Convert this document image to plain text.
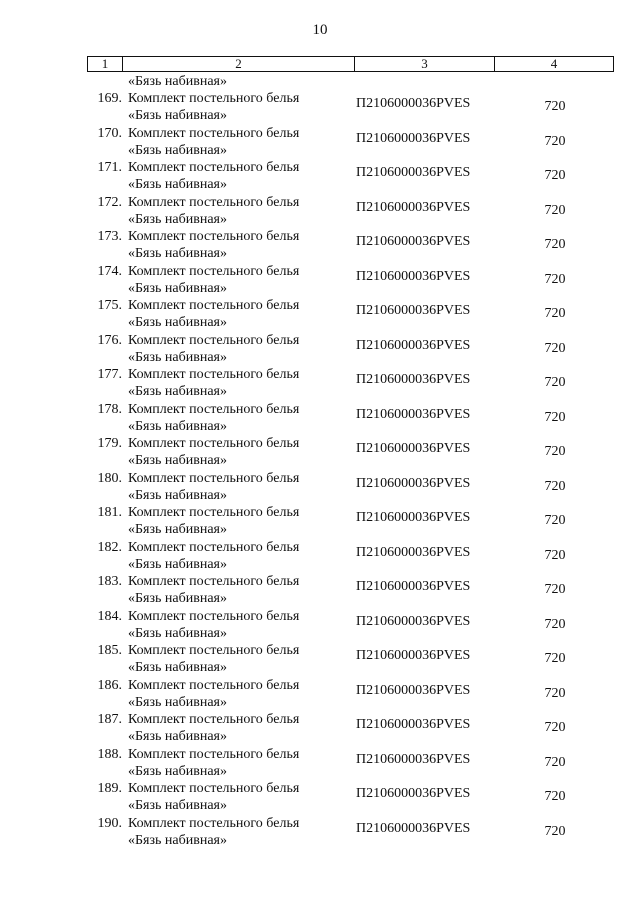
10
1	2	3	4
«Бязь набивная»
169. Комплект постельного белья
«Бязь набивная»
П2106000036PVES	720
170. Комплект постельного белья
«Бязь набивная»
П2106000036PVES	720
171. Комплект постельного белья
«Бязь набивная»
П2106000036PVES	720
172. Комплект постельного белья
«Бязь набивная»
П2106000036PVES	720
173. Комплект постельного белья
«Бязь набивная»
П2106000036PVES	720
174. Комплект постельного белья
«Бязь набивная»
П2106000036PVES	720
175. Комплект постельного белья
«Бязь набивная»
П2106000036PVES	720
176. Комплект постельного белья
«Бязь набивная»
П2106000036PVES	720
177. Комплект постельного белья
«Бязь набивная»
П2106000036PVES	720
178. Комплект постельного белья
«Бязь набивная»
П2106000036PVES	720
179. Комплект постельного белья
«Бязь набивная»
П2106000036PVES	720
180. Комплект постельного белья
«Бязь набивная»
П2106000036PVES	720
181. Комплект постельного белья
«Бязь набивная»
П2106000036PVES	720
182. Комплект постельного белья
«Бязь набивная»
П2106000036PVES	720
183. Комплект постельного белья
«Бязь набивная»
П2106000036PVES	720
184. Комплект постельного белья
«Бязь набивная»
П2106000036PVES	720
185. Комплект постельного белья
«Бязь набивная»
П2106000036PVES	720
186. Комплект постельного белья
«Бязь набивная»
П2106000036PVES	720
187. Комплект постельного белья
«Бязь набивная»
П2106000036PVES	720
188. Комплект постельного белья
«Бязь набивная»
П2106000036PVES	720
189. Комплект постельного белья
«Бязь набивная»
П2106000036PVES	720
190. Комплект постельного белья
«Бязь набивная»
П2106000036PVES	720
